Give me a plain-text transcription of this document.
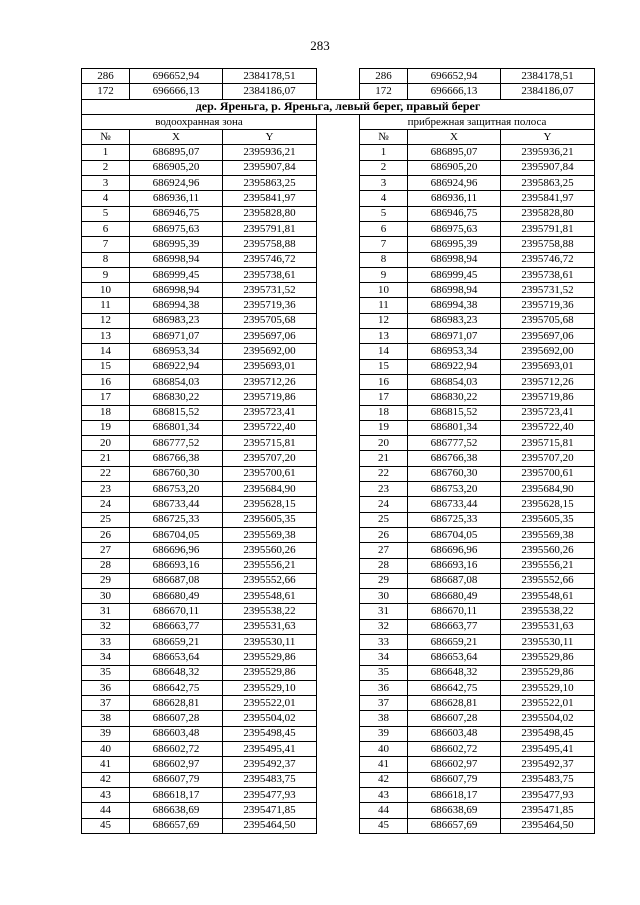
283
286	696652,94	2384178,51		286	696652,94	2384178,51
172	696666,13	2384186,07		172	696666,13	2384186,07
дер. Яреньга, р. Яреньга, левый берег, правый берег						
водоохранная зона				прибрежная защитная полоса		
№	X	Y		№	X	Y
1	686895,07	2395936,21		1	686895,07	2395936,21
2	686905,20	2395907,84		2	686905,20	2395907,84
3	686924,96	2395863,25		3	686924,96	2395863,25
4	686936,11	2395841,97		4	686936,11	2395841,97
5	686946,75	2395828,80		5	686946,75	2395828,80
6	686975,63	2395791,81		6	686975,63	2395791,81
7	686995,39	2395758,88		7	686995,39	2395758,88
8	686998,94	2395746,72		8	686998,94	2395746,72
9	686999,45	2395738,61		9	686999,45	2395738,61
10	686998,94	2395731,52		10	686998,94	2395731,52
11	686994,38	2395719,36		11	686994,38	2395719,36
12	686983,23	2395705,68		12	686983,23	2395705,68
13	686971,07	2395697,06		13	686971,07	2395697,06
14	686953,34	2395692,00		14	686953,34	2395692,00
15	686922,94	2395693,01		15	686922,94	2395693,01
16	686854,03	2395712,26		16	686854,03	2395712,26
17	686830,22	2395719,86		17	686830,22	2395719,86
18	686815,52	2395723,41		18	686815,52	2395723,41
19	686801,34	2395722,40		19	686801,34	2395722,40
20	686777,52	2395715,81		20	686777,52	2395715,81
21	686766,38	2395707,20		21	686766,38	2395707,20
22	686760,30	2395700,61		22	686760,30	2395700,61
23	686753,20	2395684,90		23	686753,20	2395684,90
24	686733,44	2395628,15		24	686733,44	2395628,15
25	686725,33	2395605,35		25	686725,33	2395605,35
26	686704,05	2395569,38		26	686704,05	2395569,38
27	686696,96	2395560,26		27	686696,96	2395560,26
28	686693,16	2395556,21		28	686693,16	2395556,21
29	686687,08	2395552,66		29	686687,08	2395552,66
30	686680,49	2395548,61		30	686680,49	2395548,61
31	686670,11	2395538,22		31	686670,11	2395538,22
32	686663,77	2395531,63		32	686663,77	2395531,63
33	686659,21	2395530,11		33	686659,21	2395530,11
34	686653,64	2395529,86		34	686653,64	2395529,86
35	686648,32	2395529,86		35	686648,32	2395529,86
36	686642,75	2395529,10		36	686642,75	2395529,10
37	686628,81	2395522,01		37	686628,81	2395522,01
38	686607,28	2395504,02		38	686607,28	2395504,02
39	686603,48	2395498,45		39	686603,48	2395498,45
40	686602,72	2395495,41		40	686602,72	2395495,41
41	686602,97	2395492,37		41	686602,97	2395492,37
42	686607,79	2395483,75		42	686607,79	2395483,75
43	686618,17	2395477,93		43	686618,17	2395477,93
44	686638,69	2395471,85		44	686638,69	2395471,85
45	686657,69	2395464,50		45	686657,69	2395464,50
